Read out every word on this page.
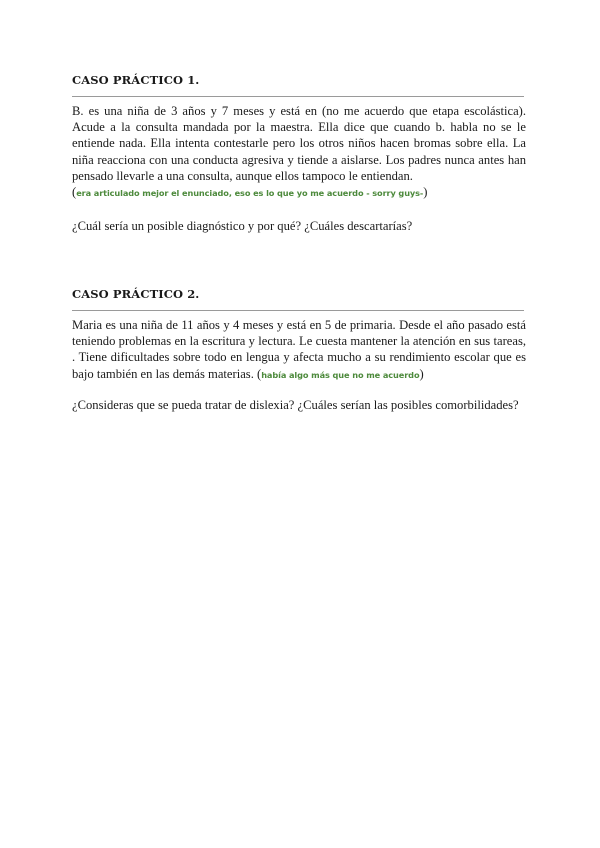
CASO PRÁCTICO 1.

B. es una niña de 3 años y 7 meses y está en (no me acuerdo que etapa escolástica). Acude a la consulta mandada por la maestra. Ella dice que cuando b. habla no se le entiende nada. Ella intenta contestarle pero los otros niños hacen bromas sobre ella. La niña reacciona con una conducta agresiva y tiende a aislarse. Los padres nunca antes han pensado llevarle a una consulta, aunque ellos tampoco le entiendan.

(era articulado mejor el enunciado, eso es lo que yo me acuerdo - sorry guys-)
¿Cuál sería un posible diagnóstico y por qué? ¿Cuáles descartarías?
CASO PRÁCTICO 2.

Maria es una niña de 11 años y 4 meses y está en 5 de primaria. Desde el año pasado está teniendo problemas en la escritura y lectura. Le cuesta mantener la atención en sus tareas, . Tiene dificultades sobre todo en lengua y afecta mucho a su rendimiento escolar que es bajo también en las demás materias. (había algo más que no me acuerdo)

¿Consideras que se pueda tratar de dislexia? ¿Cuáles serían las posibles comorbilidades?
